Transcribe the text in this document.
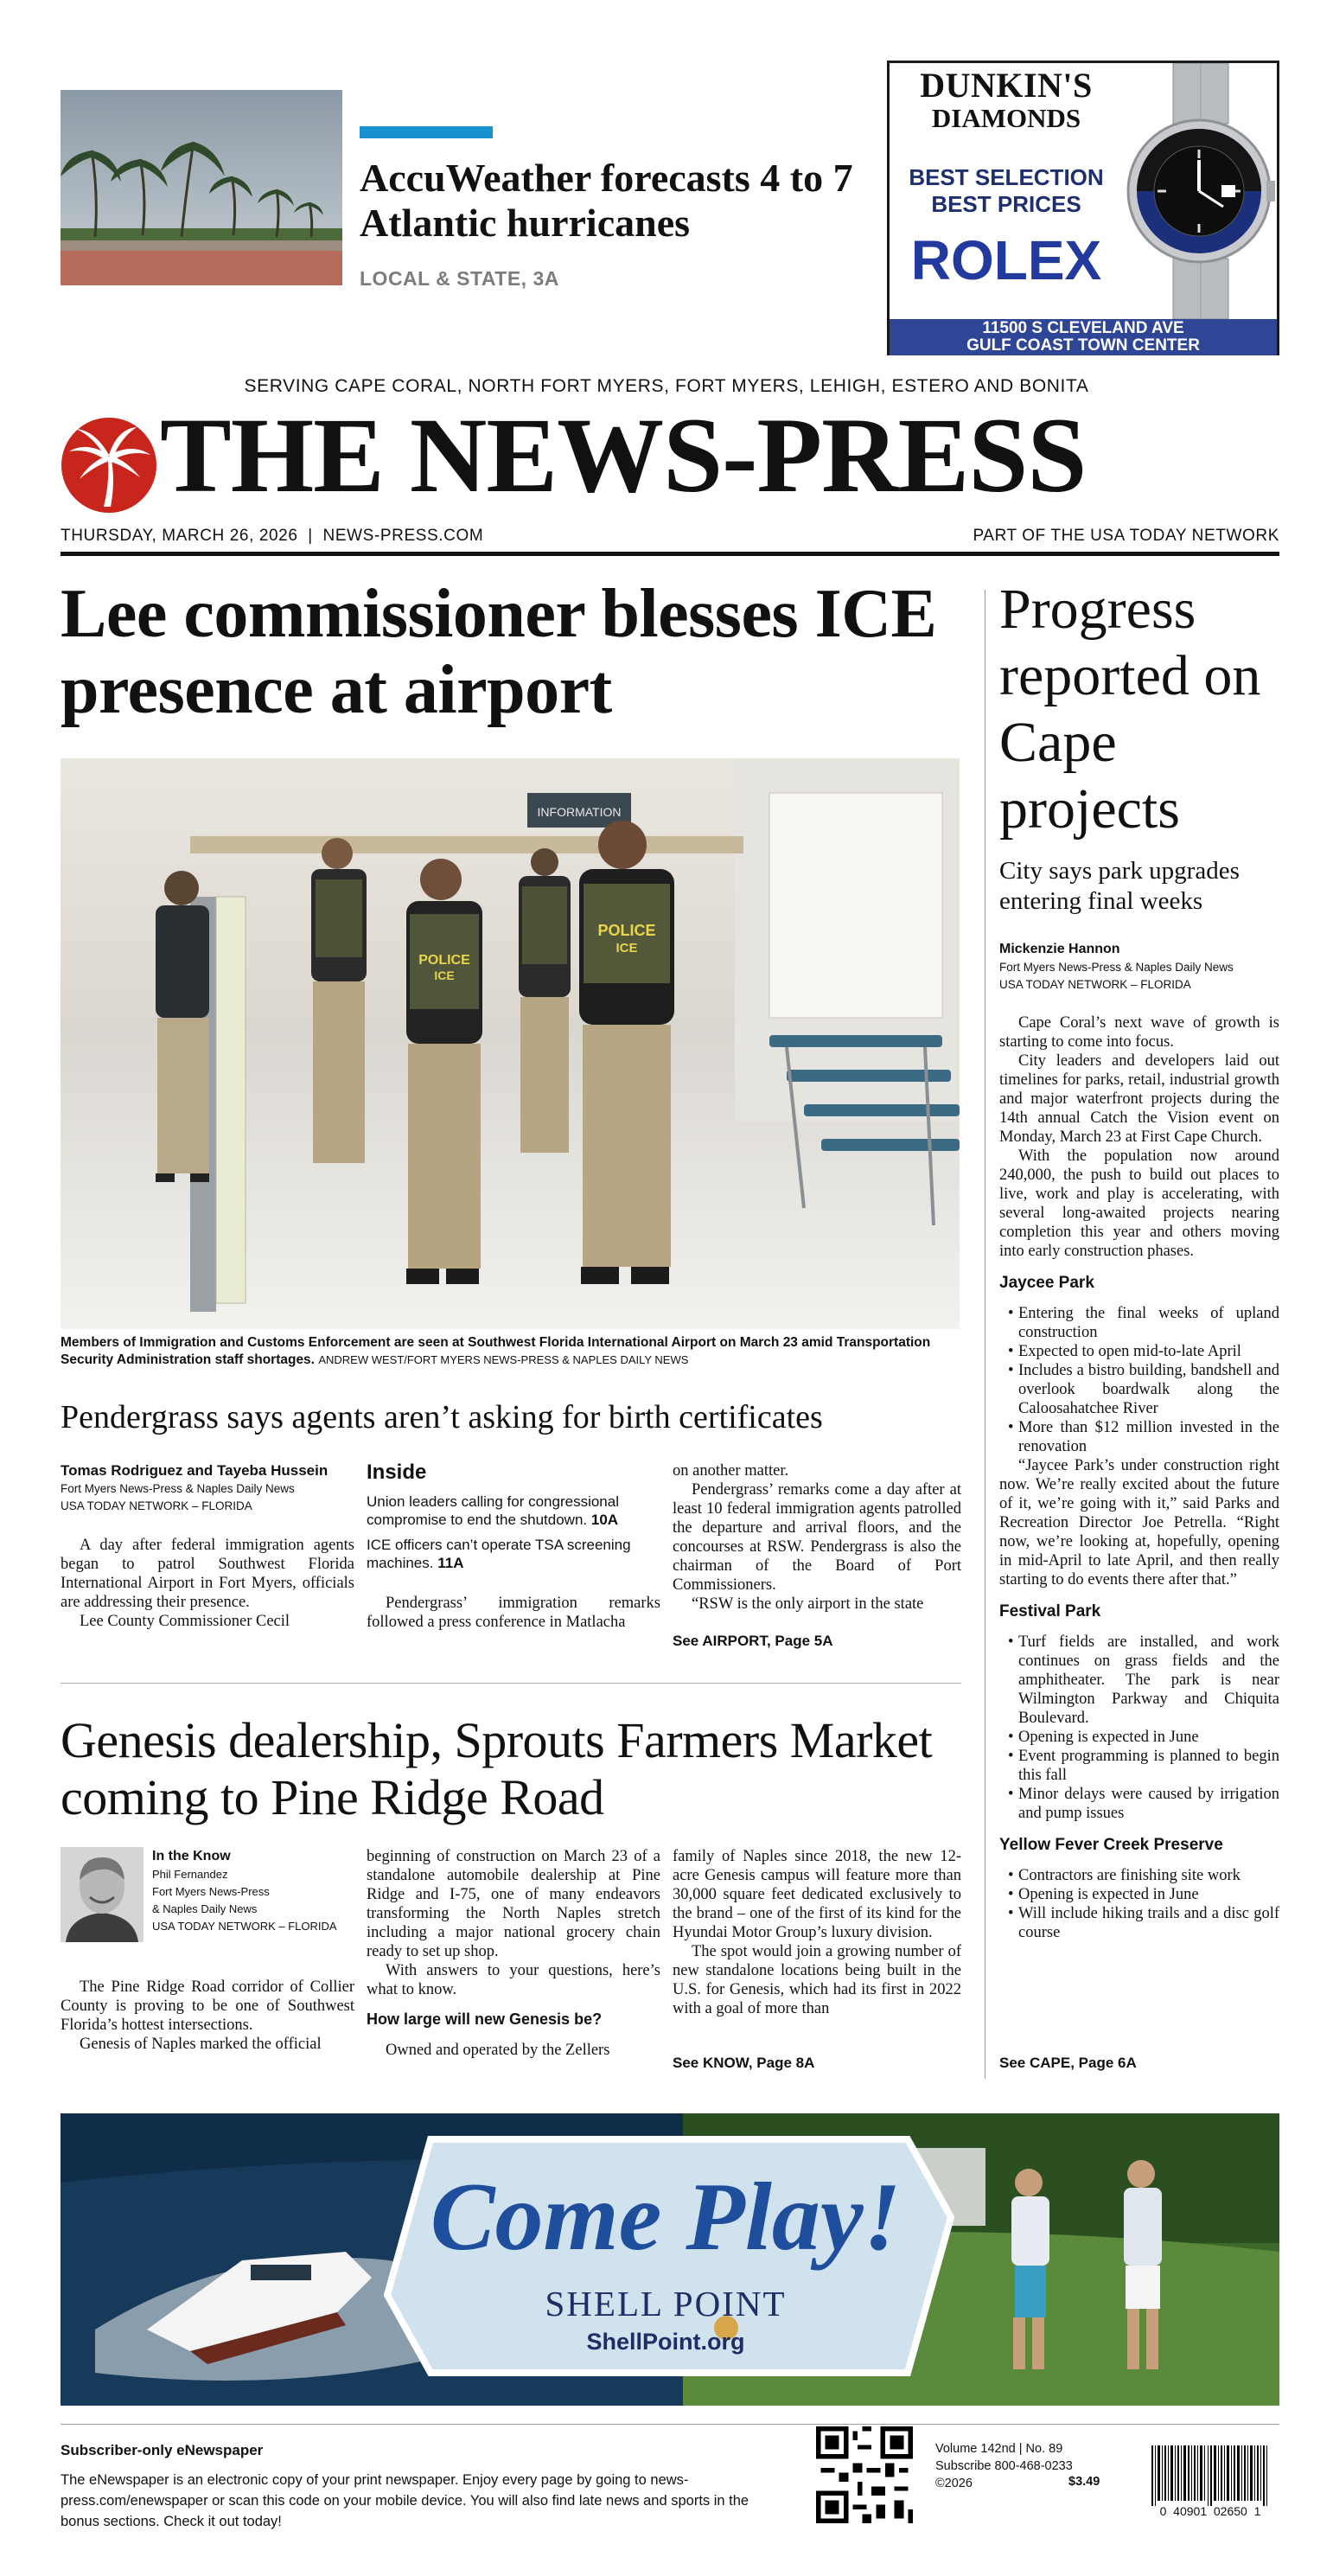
AccuWeather forecasts 4 to 7 Atlantic hurricanes
LOCAL & STATE, 3A
DUNKIN'S
DIAMONDS
BEST SELECTION
BEST PRICES
ROLEX
11500 S CLEVELAND AVE
GULF COAST TOWN CENTER
SERVING CAPE CORAL, NORTH FORT MYERS, FORT MYERS, LEHIGH, ESTERO AND BONITA
THE NEWS-PRESS
THURSDAY, MARCH 26, 2026  |  NEWS-PRESS.COM	PART OF THE USA TODAY NETWORK
Lee commissioner blesses ICE presence at airport
INFORMATION
POLICE
ICE
POLICE
ICE
Members of Immigration and Customs Enforcement are seen at Southwest Florida International Airport on March 23 amid Transportation Security Administration staff shortages. ANDREW WEST/FORT MYERS NEWS-PRESS & NAPLES DAILY NEWS
Pendergrass says agents aren’t asking for birth certificates
Tomas Rodriguez and Tayeba Hussein
Fort Myers News-Press & Naples Daily News
USA TODAY NETWORK – FLORIDA

A day after federal immigration agents began to patrol Southwest Florida International Airport in Fort Myers, officials are addressing their presence.

Lee County Commissioner Cecil

Inside
Union leaders calling for congressional compromise to end the shutdown. 10A
ICE officers can’t operate TSA screening machines. 11A

Pendergrass’ immigration remarks followed a press conference in Matlacha

on another matter.

Pendergrass’ remarks come a day after at least 10 federal immigration agents patrolled the departure and arrival floors, and the concourses at RSW. Pendergrass is also the chairman of the Board of Port Commissioners.

“RSW is the only airport in the state

See AIRPORT, Page 5A
Genesis dealership, Sprouts Farmers Market coming to Pine Ridge Road
In the Know
Phil Fernandez
Fort Myers News-Press
& Naples Daily News
USA TODAY NETWORK – FLORIDA

The Pine Ridge Road corridor of Collier County is proving to be one of Southwest Florida’s hottest intersections.

Genesis of Naples marked the official

beginning of construction on March 23 of a standalone automobile dealership at Pine Ridge and I-75, one of many endeavors transforming the North Naples stretch including a major national grocery chain ready to set up shop.

With answers to your questions, here’s what to know.

How large will new Genesis be?

Owned and operated by the Zellers

family of Naples since 2018, the new 12-acre Genesis campus will feature more than 30,000 square feet dedicated exclusively to the brand – one of the first of its kind for the Hyundai Motor Group’s luxury division.

The spot would join a growing number of new standalone locations being built in the U.S. for Genesis, which had its first in 2022 with a goal of more than

See KNOW, Page 8A
Progress reported on Cape projects
City says park upgrades entering final weeks
Mickenzie Hannon
Fort Myers News-Press & Naples Daily News
USA TODAY NETWORK – FLORIDA

Cape Coral’s next wave of growth is starting to come into focus.

City leaders and developers laid out timelines for parks, retail, industrial growth and major waterfront projects during the 14th annual Catch the Vision event on Monday, March 23 at First Cape Church.

With the population now around 240,000, the push to build out places to live, work and play is accelerating, with several long-awaited projects nearing completion this year and others moving into early construction phases.

Jaycee Park

• Entering the final weeks of upland construction

• Expected to open mid-to-late April

• Includes a bistro building, bandshell and overlook boardwalk along the Caloosahatchee River

• More than $12 million invested in the renovation

“Jaycee Park’s under construction right now. We’re really excited about the future of it, we’re going with it,” said Parks and Recreation Director Joe Petrella. “Right now, we’re looking at, hopefully, opening in mid-April to late April, and then really starting to do events there after that.”

Festival Park

• Turf fields are installed, and work continues on grass fields and the amphitheater. The park is near Wilmington Parkway and Chiquita Boulevard.

• Opening is expected in June

• Event programming is planned to begin this fall

• Minor delays were caused by irrigation and pump issues

Yellow Fever Creek Preserve

• Contractors are finishing site work

• Opening is expected in June

• Will include hiking trails and a disc golf course

See CAPE, Page 6A
Come Play!
SHELL POINT
ShellPoint.org
Subscriber-only eNewspaper
The eNewspaper is an electronic copy of your print newspaper. Enjoy every page by going to news-press.com/enewspaper or scan this code on your mobile device. You will also find late news and sports in the bonus sections. Check it out today!
Volume 142nd | No. 89
Subscribe 800-468-0233
©2026	$3.49
0  40901  02650  1
